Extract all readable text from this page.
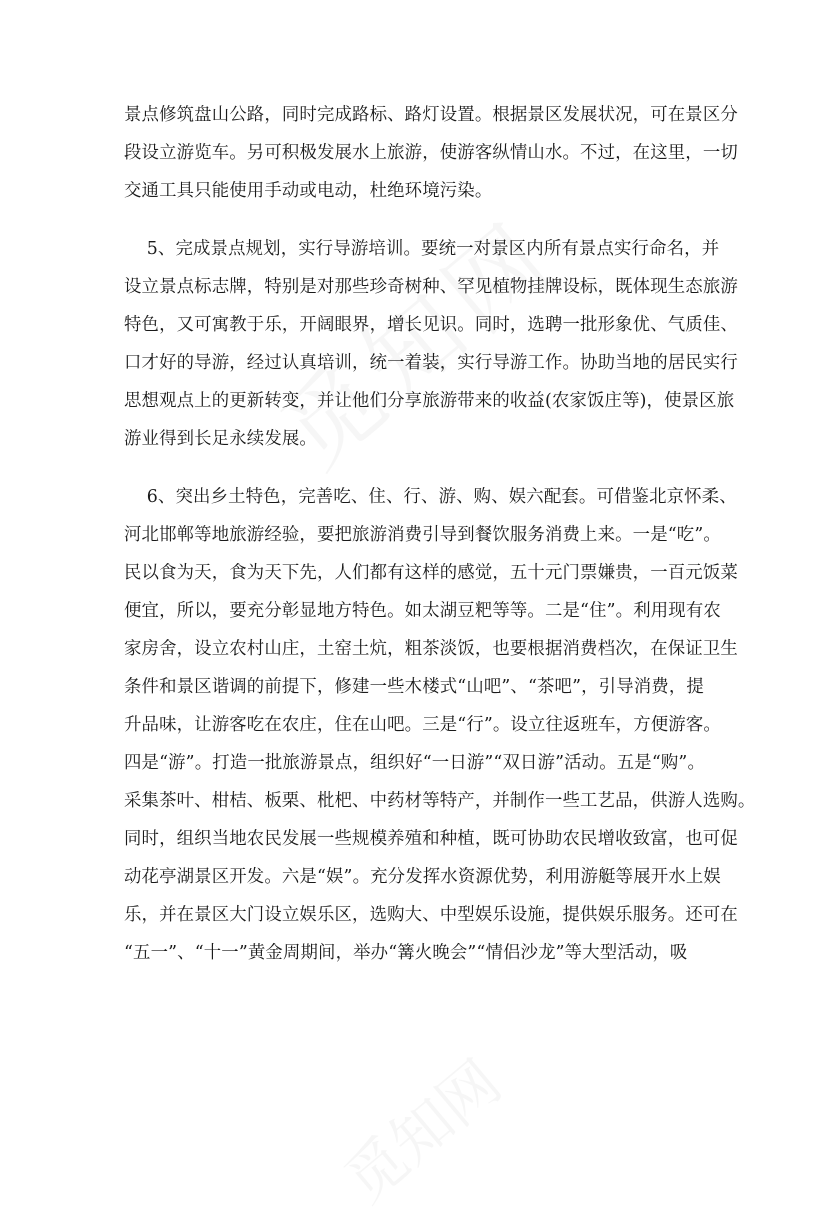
景点修筑盘山公路，同时完成路标、路灯设置。根据景区发展状况，可在景区分
段设立游览车。另可积极发展水上旅游，使游客纵情山水。不过，在这里，一切
交通工具只能使用手动或电动，杜绝环境污染。
5、完成景点规划，实行导游培训。要统一对景区内所有景点实行命名，并
设立景点标志牌，特别是对那些珍奇树种、罕见植物挂牌设标，既体现生态旅游
特色，又可寓教于乐，开阔眼界，增长见识。同时，选聘一批形象优、气质佳、
口才好的导游，经过认真培训，统一着装，实行导游工作。协助当地的居民实行
思想观点上的更新转变，并让他们分享旅游带来的收益(农家饭庄等)，使景区旅
游业得到长足永续发展。
6、突出乡土特色，完善吃、住、行、游、购、娱六配套。可借鉴北京怀柔、
河北邯郸等地旅游经验，要把旅游消费引导到餐饮服务消费上来。一是“吃”。
民以食为天，食为天下先，人们都有这样的感觉，五十元门票嫌贵，一百元饭菜
便宜，所以，要充分彰显地方特色。如太湖豆粑等等。二是“住”。利用现有农
家房舍，设立农村山庄，土窑土炕，粗茶淡饭，也要根据消费档次，在保证卫生
条件和景区谐调的前提下，修建一些木楼式“山吧”、“茶吧”，引导消费，提
升品味，让游客吃在农庄，住在山吧。三是“行”。设立往返班车，方便游客。
四是“游”。打造一批旅游景点，组织好“一日游”“双日游”活动。五是“购”。
采集茶叶、柑桔、板栗、枇杷、中药材等特产，并制作一些工艺品，供游人选购。
同时，组织当地农民发展一些规模养殖和种植，既可协助农民增收致富，也可促
动花亭湖景区开发。六是“娱”。充分发挥水资源优势，利用游艇等展开水上娱
乐，并在景区大门设立娱乐区，选购大、中型娱乐设施，提供娱乐服务。还可在
“五一”、“十一”黄金周期间，举办“篝火晚会”“情侣沙龙”等大型活动，吸
